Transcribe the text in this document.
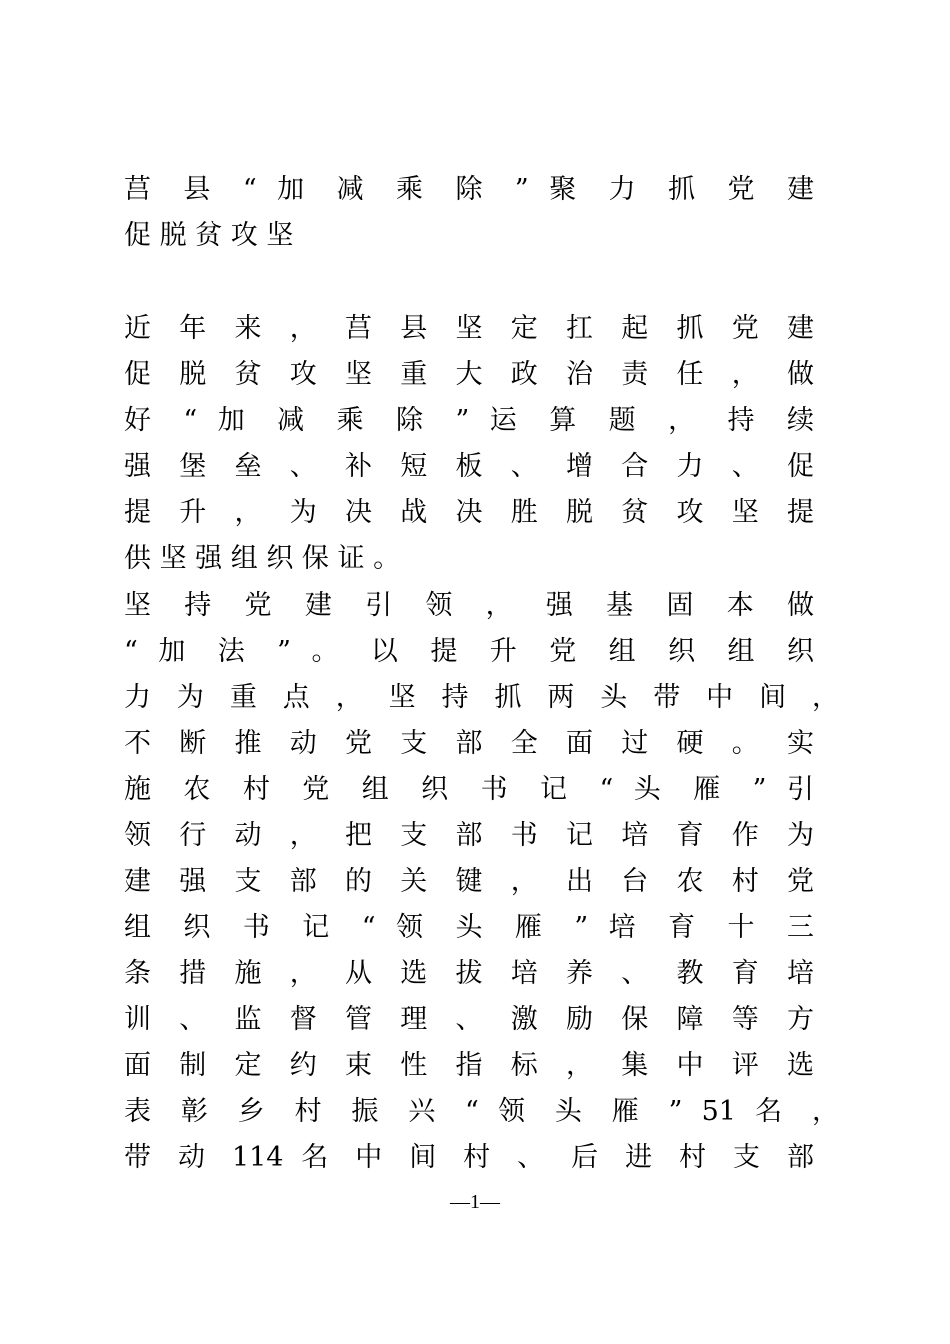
莒 县 “ 加 减 乘 除 ” 聚 力 抓 党 建
促 脱 贫 攻 坚
近 年 来 ， 莒 县 坚 定 扛 起 抓 党 建
促 脱 贫 攻 坚 重 大 政 治 责 任 ， 做
好 “ 加 减 乘 除 ” 运 算 题 ， 持 续
强 堡 垒 、 补 短 板 、 增 合 力 、 促
提 升 ， 为 决 战 决 胜 脱 贫 攻 坚 提
供 坚 强 组 织 保 证 。
坚 持 党 建 引 领 ， 强 基 固 本 做
“ 加 法 ” 。 以 提 升 党 组 织 组 织
力 为 重 点 ， 坚 持 抓 两 头 带 中 间 ，
不 断 推 动 党 支 部 全 面 过 硬 。 实
施 农 村 党 组 织 书 记 “ 头 雁 ” 引
领 行 动 ， 把 支 部 书 记 培 育 作 为
建 强 支 部 的 关 键 ， 出 台 农 村 党
组 织 书 记 “ 领 头 雁 ” 培 育 十 三
条 措 施 ， 从 选 拔 培 养 、 教 育 培
训 、 监 督 管 理 、 激 励 保 障 等 方
面 制 定 约 束 性 指 标 ， 集 中 评 选
表 彰 乡 村 振 兴 “ 领 头 雁 ” 51 名 ，
带 动 114 名 中 间 村 、 后 进 村 支 部
—1—
